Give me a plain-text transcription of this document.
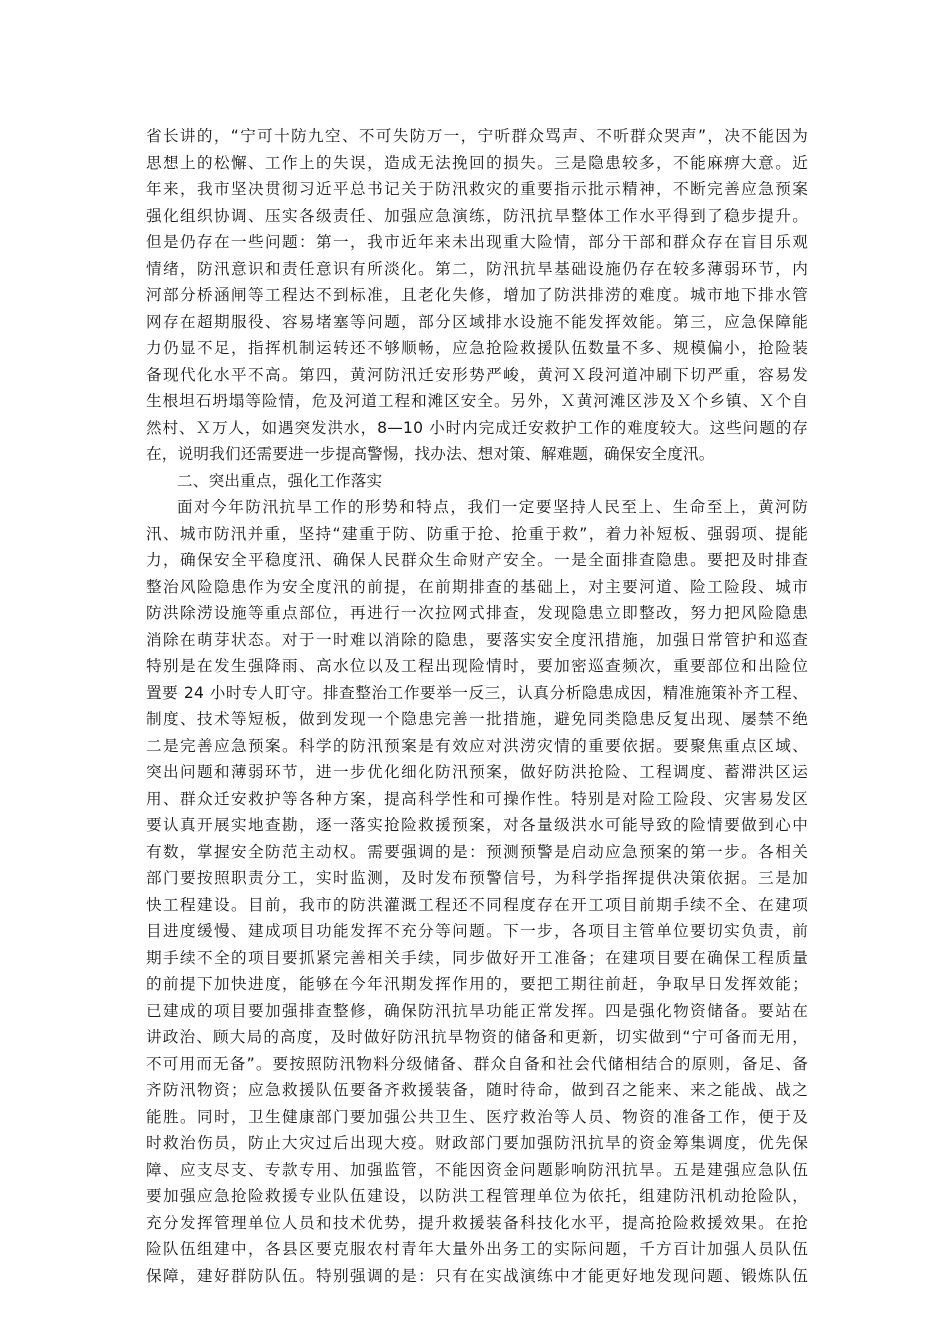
省长讲的，“宁可十防九空、不可失防万一，宁听群众骂声、不听群众哭声”，决不能因为
思想上的松懈、工作上的失误，造成无法挽回的损失。三是隐患较多，不能麻痹大意。近
年来，我市坚决贯彻习近平总书记关于防汛救灾的重要指示批示精神，不断完善应急预案
强化组织协调、压实各级责任、加强应急演练，防汛抗旱整体工作水平得到了稳步提升。
但是仍存在一些问题：第一，我市近年来未出现重大险情，部分干部和群众存在盲目乐观
情绪，防汛意识和责任意识有所淡化。第二，防汛抗旱基础设施仍存在较多薄弱环节，内
河部分桥涵闸等工程达不到标准，且老化失修，增加了防洪排涝的难度。城市地下排水管
网存在超期服役、容易堵塞等问题，部分区域排水设施不能发挥效能。第三，应急保障能
力仍显不足，指挥机制运转还不够顺畅，应急抢险救援队伍数量不多、规模偏小，抢险装
备现代化水平不高。第四，黄河防汛迁安形势严峻，黄河Ｘ段河道冲刷下切严重，容易发
生根坦石坍塌等险情，危及河道工程和滩区安全。另外，Ｘ黄河滩区涉及Ｘ个乡镇、Ｘ个自
然村、Ｘ万人，如遇突发洪水，8—10 小时内完成迁安救护工作的难度较大。这些问题的存
在，说明我们还需要进一步提高警惕，找办法、想对策、解难题，确保安全度汛。
二、突出重点，强化工作落实
面对今年防汛抗旱工作的形势和特点，我们一定要坚持人民至上、生命至上，黄河防
汛、城市防汛并重，坚持“建重于防、防重于抢、抢重于救”，着力补短板、强弱项、提能
力，确保安全平稳度汛、确保人民群众生命财产安全。一是全面排查隐患。要把及时排查
整治风险隐患作为安全度汛的前提，在前期排查的基础上，对主要河道、险工险段、城市
防洪除涝设施等重点部位，再进行一次拉网式排查，发现隐患立即整改，努力把风险隐患
消除在萌芽状态。对于一时难以消除的隐患，要落实安全度汛措施，加强日常管护和巡查
特别是在发生强降雨、高水位以及工程出现险情时，要加密巡查频次，重要部位和出险位
置要 24 小时专人盯守。排查整治工作要举一反三，认真分析隐患成因，精准施策补齐工程、
制度、技术等短板，做到发现一个隐患完善一批措施，避免同类隐患反复出现、屡禁不绝
二是完善应急预案。科学的防汛预案是有效应对洪涝灾情的重要依据。要聚焦重点区域、
突出问题和薄弱环节，进一步优化细化防汛预案，做好防洪抢险、工程调度、蓄滞洪区运
用、群众迁安救护等各种方案，提高科学性和可操作性。特别是对险工险段、灾害易发区
要认真开展实地查勘，逐一落实抢险救援预案，对各量级洪水可能导致的险情要做到心中
有数，掌握安全防范主动权。需要强调的是：预测预警是启动应急预案的第一步。各相关
部门要按照职责分工，实时监测，及时发布预警信号，为科学指挥提供决策依据。三是加
快工程建设。目前，我市的防洪灌溉工程还不同程度存在开工项目前期手续不全、在建项
目进度缓慢、建成项目功能发挥不充分等问题。下一步，各项目主管单位要切实负责，前
期手续不全的项目要抓紧完善相关手续，同步做好开工准备；在建项目要在确保工程质量
的前提下加快进度，能够在今年汛期发挥作用的，要把工期往前赶，争取早日发挥效能；
已建成的项目要加强排查整修，确保防汛抗旱功能正常发挥。四是强化物资储备。要站在
讲政治、顾大局的高度，及时做好防汛抗旱物资的储备和更新，切实做到“宁可备而无用，
不可用而无备”。要按照防汛物料分级储备、群众自备和社会代储相结合的原则，备足、备
齐防汛物资；应急救援队伍要备齐救援装备，随时待命，做到召之能来、来之能战、战之
能胜。同时，卫生健康部门要加强公共卫生、医疗救治等人员、物资的准备工作，便于及
时救治伤员，防止大灾过后出现大疫。财政部门要加强防汛抗旱的资金筹集调度，优先保
障、应支尽支、专款专用、加强监管，不能因资金问题影响防汛抗旱。五是建强应急队伍
要加强应急抢险救援专业队伍建设，以防洪工程管理单位为依托，组建防汛机动抢险队，
充分发挥管理单位人员和技术优势，提升救援装备科技化水平，提高抢险救援效果。在抢
险队伍组建中，各县区要克服农村青年大量外出务工的实际问题，千方百计加强人员队伍
保障，建好群防队伍。特别强调的是：只有在实战演练中才能更好地发现问题、锻炼队伍
